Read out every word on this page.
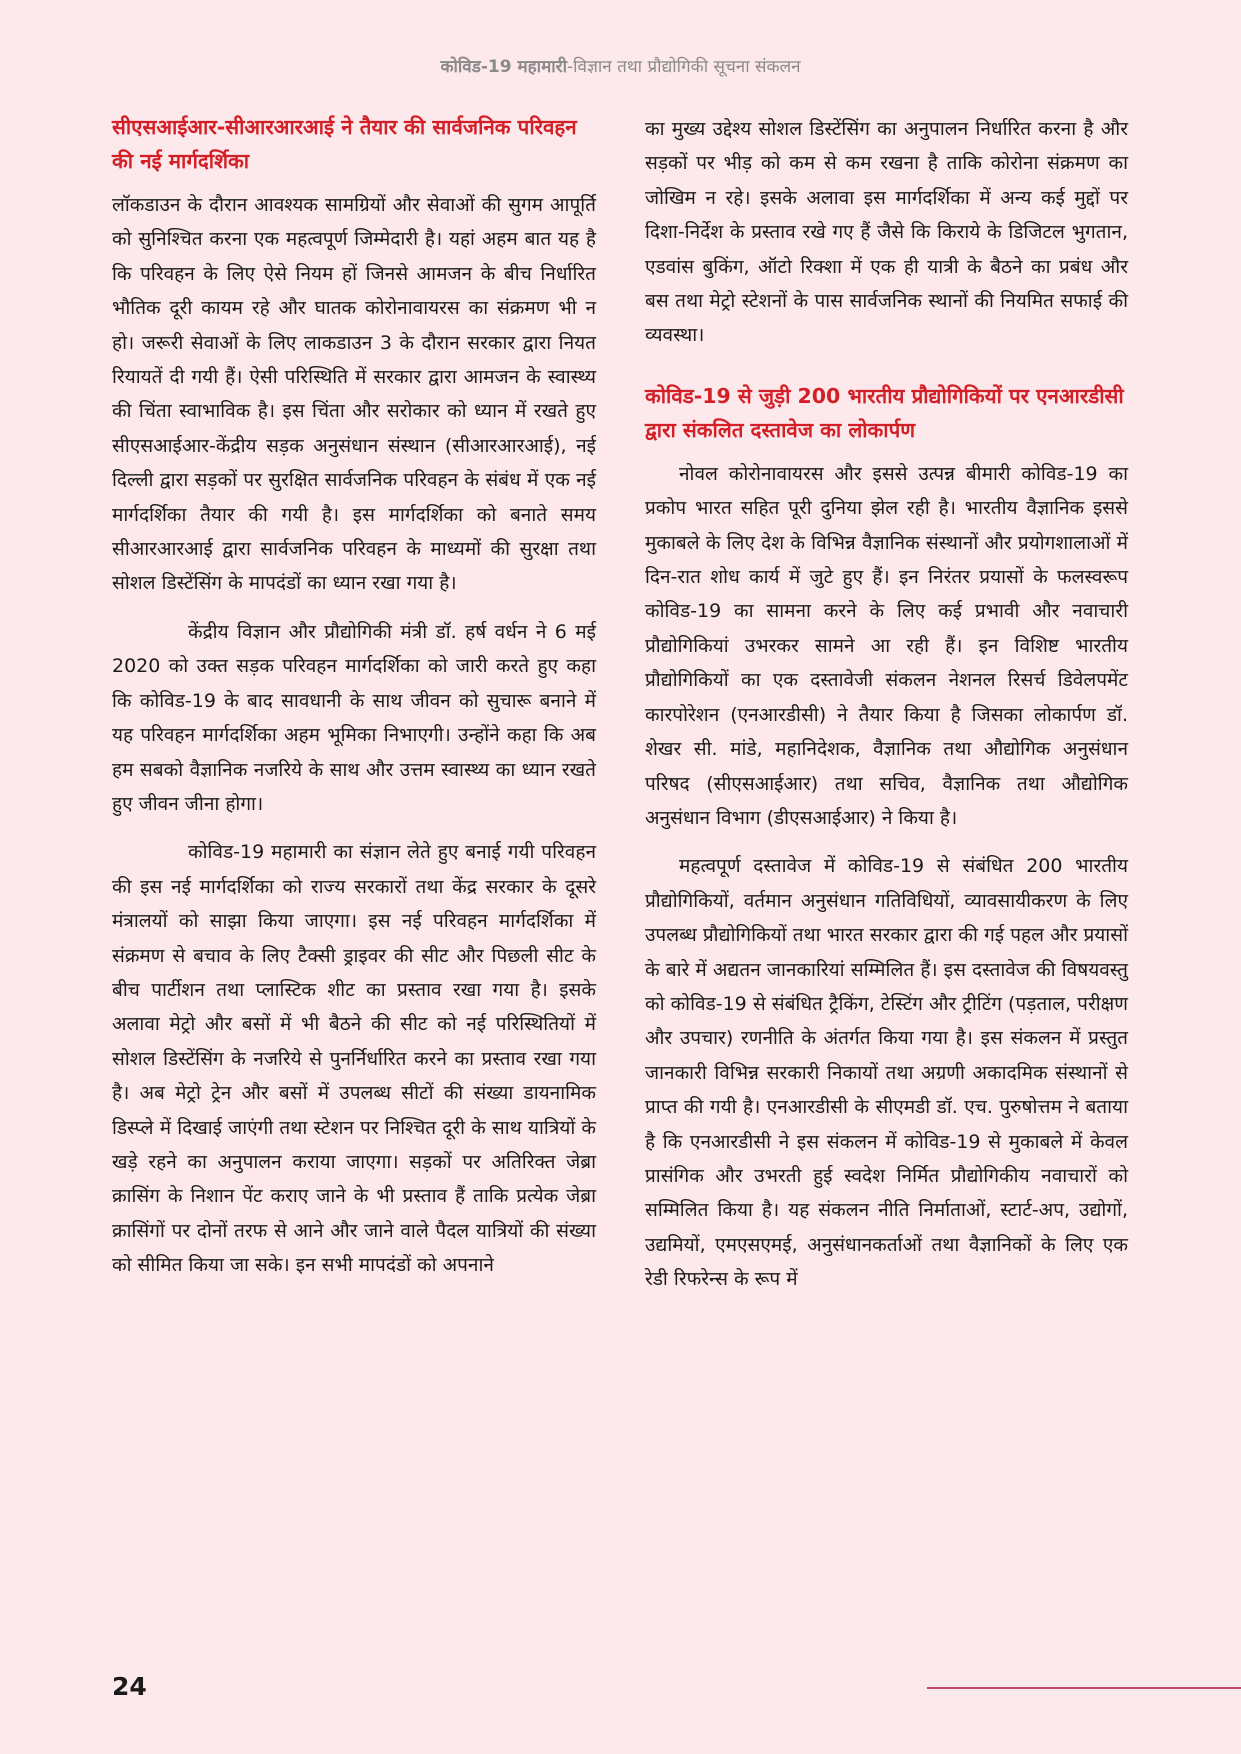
कोविड-19 महामारी-विज्ञान तथा प्रौद्योगिकी सूचना संकलन
सीएसआईआर-सीआरआरआई ने तैयार की सार्वजनिक परिवहन की नई मार्गदर्शिका

लॉकडाउन के दौरान आवश्यक सामग्रियों और सेवाओं की सुगम आपूर्ति को सुनिश्चित करना एक महत्वपूर्ण जिम्मेदारी है। यहां अहम बात यह है कि परिवहन के लिए ऐसे नियम हों जिनसे आमजन के बीच निर्धारित भौतिक दूरी कायम रहे और घातक कोरोनावायरस का संक्रमण भी न हो। जरूरी सेवाओं के लिए लाकडाउन 3 के दौरान सरकार द्वारा नियत रियायतें दी गयी हैं। ऐसी परिस्थिति में सरकार द्वारा आमजन के स्वास्थ्य की चिंता स्वाभाविक है। इस चिंता और सरोकार को ध्यान में रखते हुए सीएसआईआर-केंद्रीय सड़क अनुसंधान संस्थान (सीआरआरआई), नई दिल्ली द्वारा सड़कों पर सुरक्षित सार्वजनिक परिवहन के संबंध में एक नई मार्गदर्शिका तैयार की गयी है। इस मार्गदर्शिका को बनाते समय सीआरआरआई द्वारा सार्वजनिक परिवहन के माध्यमों की सुरक्षा तथा सोशल डिस्टेंसिंग के मापदंडों का ध्यान रखा गया है।

केंद्रीय विज्ञान और प्रौद्योगिकी मंत्री डॉ. हर्ष वर्धन ने 6 मई 2020 को उक्त सड़क परिवहन मार्गदर्शिका को जारी करते हुए कहा कि कोविड-19 के बाद सावधानी के साथ जीवन को सुचारू बनाने में यह परिवहन मार्गदर्शिका अहम भूमिका निभाएगी। उन्होंने कहा कि अब हम सबको वैज्ञानिक नजरिये के साथ और उत्तम स्वास्थ्य का ध्यान रखते हुए जीवन जीना होगा।

कोविड-19 महामारी का संज्ञान लेते हुए बनाई गयी परिवहन की इस नई मार्गदर्शिका को राज्य सरकारों तथा केंद्र सरकार के दूसरे मंत्रालयों को साझा किया जाएगा। इस नई परिवहन मार्गदर्शिका में संक्रमण से बचाव के लिए टैक्सी ड्राइवर की सीट और पिछली सीट के बीच पार्टीशन तथा प्लास्टिक शीट का प्रस्ताव रखा गया है। इसके अलावा मेट्रो और बसों में भी बैठने की सीट को नई परिस्थितियों में सोशल डिस्टेंसिंग के नजरिये से पुनर्निर्धारित करने का प्रस्ताव रखा गया है। अब मेट्रो ट्रेन और बसों में उपलब्ध सीटों की संख्या डायनामिक डिस्प्ले में दिखाई जाएंगी तथा स्टेशन पर निश्चित दूरी के साथ यात्रियों के खड़े रहने का अनुपालन कराया जाएगा। सड़कों पर अतिरिक्त जेब्रा क्रासिंग के निशान पेंट कराए जाने के भी प्रस्ताव हैं ताकि प्रत्येक जेब्रा क्रासिंगों पर दोनों तरफ से आने और जाने वाले पैदल यात्रियों की संख्या को सीमित किया जा सके। इन सभी मापदंडों को अपनाने

का मुख्य उद्देश्य सोशल डिस्टेंसिंग का अनुपालन निर्धारित करना है और सड़कों पर भीड़ को कम से कम रखना है ताकि कोरोना संक्रमण का जोखिम न रहे। इसके अलावा इस मार्गदर्शिका में अन्य कई मुद्दों पर दिशा-निर्देश के प्रस्ताव रखे गए हैं जैसे कि किराये के डिजिटल भुगतान, एडवांस बुकिंग, ऑटो रिक्शा में एक ही यात्री के बैठने का प्रबंध और बस तथा मेट्रो स्टेशनों के पास सार्वजनिक स्थानों की नियमित सफाई की व्यवस्था।

कोविड-19 से जुड़ी 200 भारतीय प्रौद्योगिकियों पर एनआरडीसी द्वारा संकलित दस्तावेज का लोकार्पण

नोवल कोरोनावायरस और इससे उत्पन्न बीमारी कोविड-19 का प्रकोप भारत सहित पूरी दुनिया झेल रही है। भारतीय वैज्ञानिक इससे मुकाबले के लिए देश के विभिन्न वैज्ञानिक संस्थानों और प्रयोगशालाओं में दिन-रात शोध कार्य में जुटे हुए हैं। इन निरंतर प्रयासों के फलस्वरूप कोविड-19 का सामना करने के लिए कई प्रभावी और नवाचारी प्रौद्योगिकियां उभरकर सामने आ रही हैं। इन विशिष्ट भारतीय प्रौद्योगिकियों का एक दस्तावेजी संकलन नेशनल रिसर्च डिवेलपमेंट कारपोरेशन (एनआरडीसी) ने तैयार किया है जिसका लोकार्पण डॉ. शेखर सी. मांडे, महानिदेशक, वैज्ञानिक तथा औद्योगिक अनुसंधान परिषद (सीएसआईआर) तथा सचिव, वैज्ञानिक तथा औद्योगिक अनुसंधान विभाग (डीएसआईआर) ने किया है।

महत्वपूर्ण दस्तावेज में कोविड-19 से संबंधित 200 भारतीय प्रौद्योगिकियों, वर्तमान अनुसंधान गतिविधियों, व्यावसायीकरण के लिए उपलब्ध प्रौद्योगिकियों तथा भारत सरकार द्वारा की गई पहल और प्रयासों के बारे में अद्यतन जानकारियां सम्मिलित हैं। इस दस्तावेज की विषयवस्तु को कोविड-19 से संबंधित ट्रैकिंग, टेस्टिंग और ट्रीटिंग (पड़ताल, परीक्षण और उपचार) रणनीति के अंतर्गत किया गया है। इस संकलन में प्रस्तुत जानकारी विभिन्न सरकारी निकायों तथा अग्रणी अकादमिक संस्थानों से प्राप्त की गयी है। एनआरडीसी के सीएमडी डॉ. एच. पुरुषोत्तम ने बताया है कि एनआरडीसी ने इस संकलन में कोविड-19 से मुकाबले में केवल प्रासंगिक और उभरती हुई स्वदेश निर्मित प्रौद्योगिकीय नवाचारों को सम्मिलित किया है। यह संकलन नीति निर्माताओं, स्टार्ट-अप, उद्योगों, उद्यमियों, एमएसएमई, अनुसंधानकर्ताओं तथा वैज्ञानिकों के लिए एक रेडी रिफरेन्स के रूप में

24
